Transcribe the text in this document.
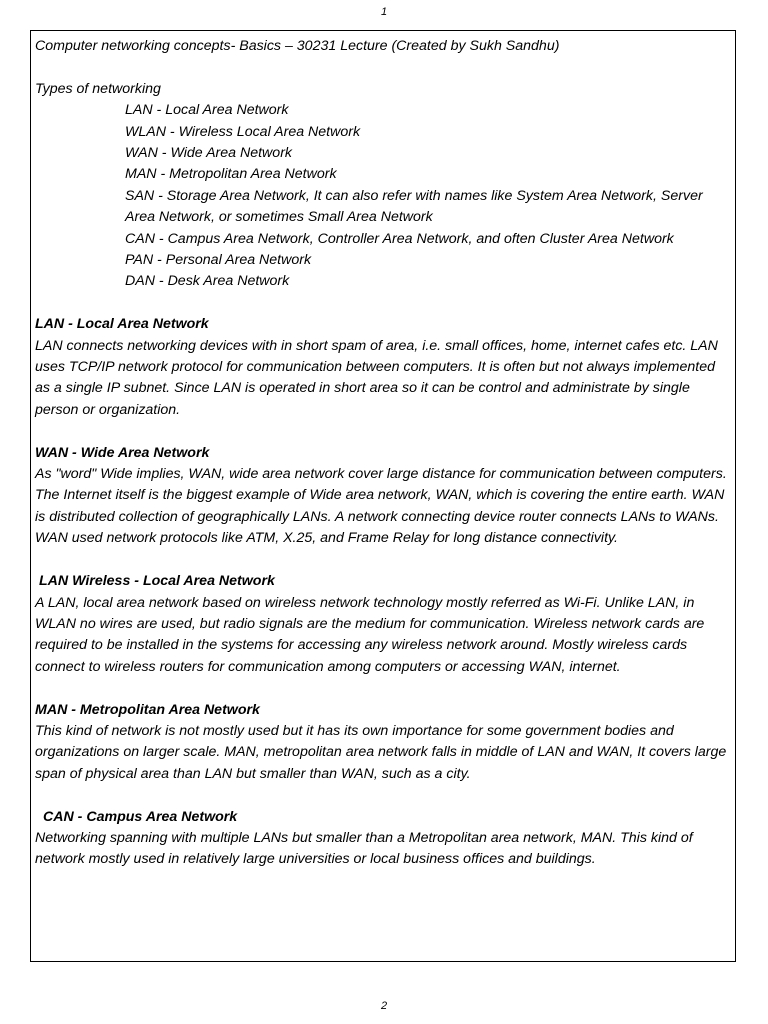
1
Computer networking concepts- Basics – 30231 Lecture (Created by Sukh Sandhu)
Types of networking
LAN - Local Area Network
WLAN - Wireless Local Area Network
WAN - Wide Area Network
MAN - Metropolitan Area Network
SAN - Storage Area Network, It can also refer with names like System Area Network, Server Area Network, or sometimes Small Area Network
CAN - Campus Area Network, Controller Area Network, and often Cluster Area Network
PAN - Personal Area Network
DAN - Desk Area Network
LAN - Local Area Network
LAN connects networking devices with in short spam of area, i.e. small offices, home, internet cafes etc. LAN uses TCP/IP network protocol for communication between computers. It is often but not always implemented as a single IP subnet. Since LAN is operated in short area so it can be control and administrate by single person or organization.
WAN - Wide Area Network
As "word" Wide implies, WAN, wide area network cover large distance for communication between computers. The Internet itself is the biggest example of Wide area network, WAN, which is covering the entire earth. WAN is distributed collection of geographically LANs. A network connecting device router connects LANs to WANs. WAN used network protocols like ATM, X.25, and Frame Relay for long distance connectivity.
LAN Wireless - Local Area Network
A LAN, local area network based on wireless network technology mostly referred as Wi-Fi. Unlike LAN, in WLAN no wires are used, but radio signals are the medium for communication. Wireless network cards are required to be installed in the systems for accessing any wireless network around. Mostly wireless cards connect to wireless routers for communication among computers or accessing WAN, internet.
MAN - Metropolitan Area Network
This kind of network is not mostly used but it has its own importance for some government bodies and organizations on larger scale. MAN, metropolitan area network falls in middle of LAN and WAN, It covers large span of physical area than LAN but smaller than WAN, such as a city.
CAN - Campus Area Network
Networking spanning with multiple LANs but smaller than a Metropolitan area network, MAN. This kind of network mostly used in relatively large universities or local business offices and buildings.
2
